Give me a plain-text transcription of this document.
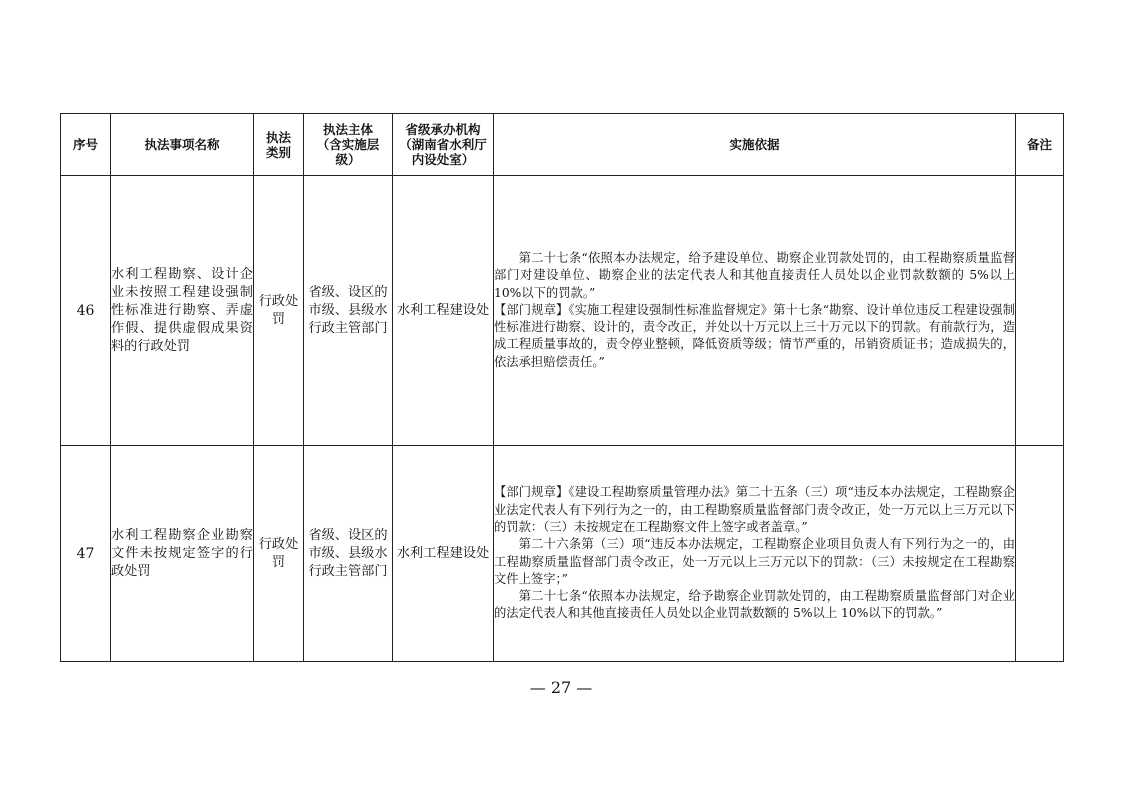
序号	执法事项名称	执法类别	执法主体（含实施层级）	省级承办机构（湖南省水利厅内设处室）	实施依据	备注
46	水利工程勘察、设计企业未按照工程建设强制性标准进行勘察、弄虚作假、提供虚假成果资料的行政处罚	行政处罚	省级、设区的市级、县级水行政主管部门	水利工程建设处	第二十七条“依照本办法规定，给予建设单位、勘察企业罚款处罚的，由工程勘察质量监督部门对建设单位、勘察企业的法定代表人和其他直接责任人员处以企业罚款数额的 5%以上 10%以下的罚款。”

【部门规章】《实施工程建设强制性标准监督规定》第十七条“勘察、设计单位违反工程建设强制性标准进行勘察、设计的，责令改正，并处以十万元以上三十万元以下的罚款。有前款行为，造成工程质量事故的，责令停业整顿，降低资质等级；情节严重的，吊销资质证书；造成损失的，依法承担赔偿责任。”	

47	水利工程勘察企业勘察文件未按规定签字的行政处罚	行政处罚	省级、设区的市级、县级水行政主管部门	水利工程建设处	【部门规章】《建设工程勘察质量管理办法》第二十五条（三）项“违反本办法规定，工程勘察企业法定代表人有下列行为之一的，由工程勘察质量监督部门责令改正，处一万元以上三万元以下的罚款：（三）未按规定在工程勘察文件上签字或者盖章。”

第二十六条第（三）项“违反本办法规定，工程勘察企业项目负责人有下列行为之一的，由工程勘察质量监督部门责令改正，处一万元以上三万元以下的罚款：（三）未按规定在工程勘察文件上签字；”

第二十七条“依照本办法规定，给予勘察企业罚款处罚的，由工程勘察质量监督部门对企业的法定代表人和其他直接责任人员处以企业罚款数额的 5%以上 10%以下的罚款。”	

— 27 —
